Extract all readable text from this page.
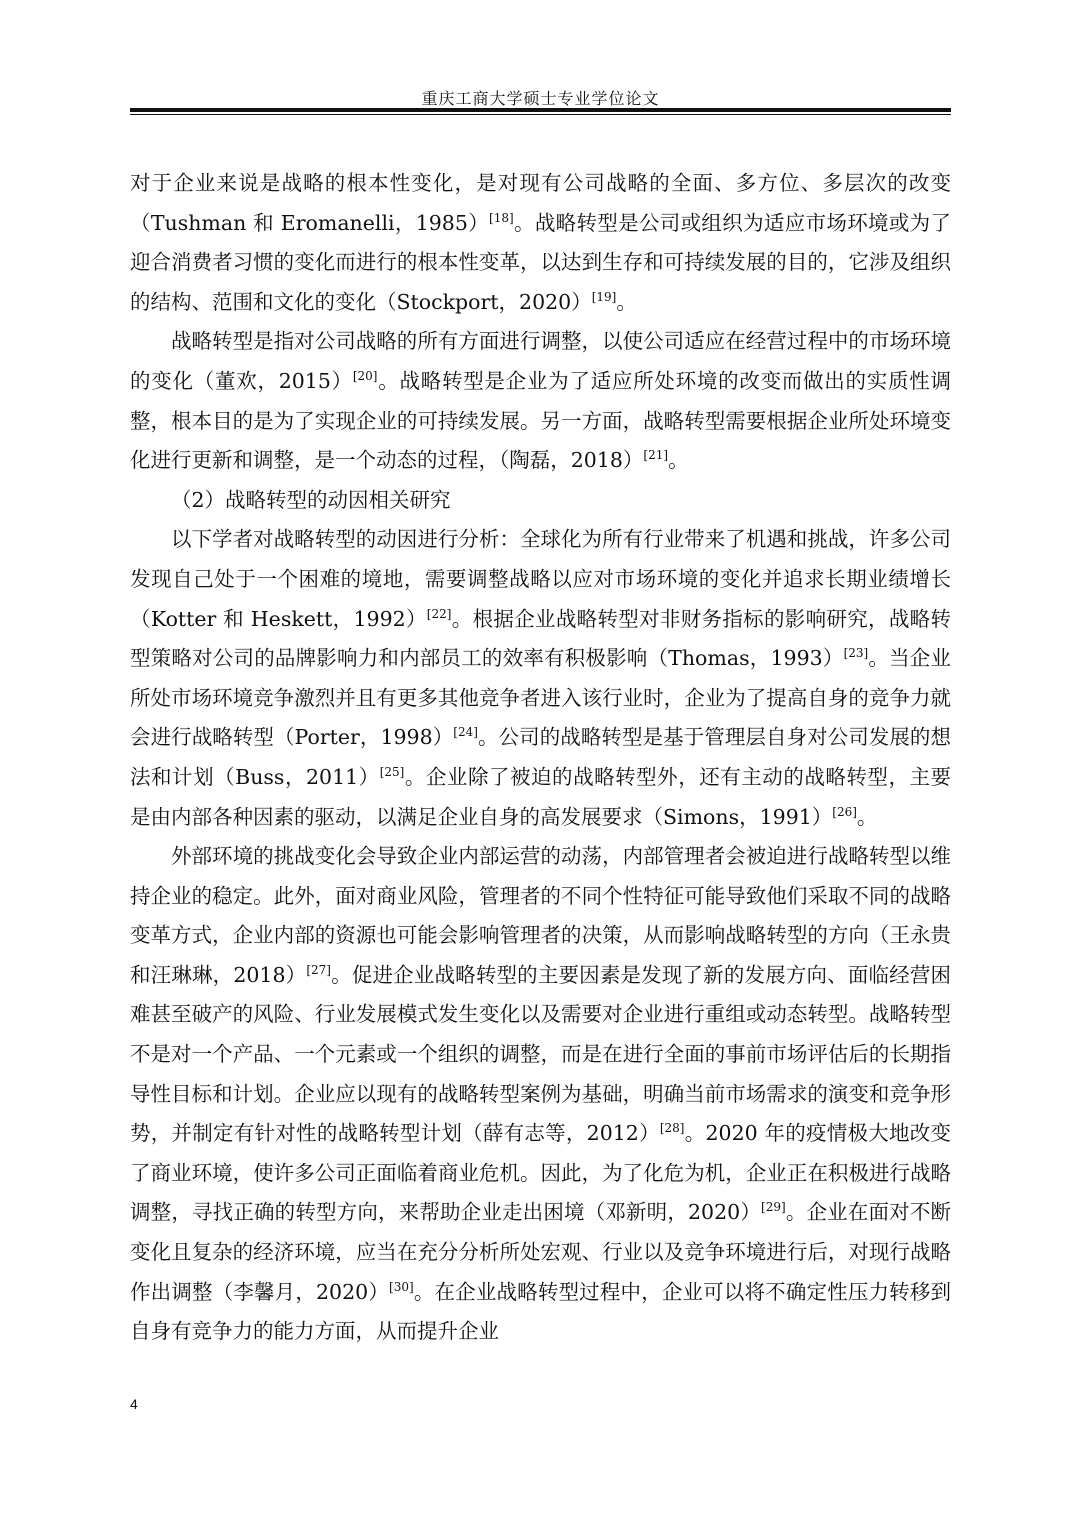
重庆工商大学硕士专业学位论文

对于企业来说是战略的根本性变化，是对现有公司战略的全面、多方位、多层次的改变（Tushman 和 Eromanelli，1985）[18]。战略转型是公司或组织为适应市场环境或为了迎合消费者习惯的变化而进行的根本性变革，以达到生存和可持续发展的目的，它涉及组织的结构、范围和文化的变化（Stockport，2020）[19]。

战略转型是指对公司战略的所有方面进行调整，以使公司适应在经营过程中的市场环境的变化（董欢，2015）[20]。战略转型是企业为了适应所处环境的改变而做出的实质性调整，根本目的是为了实现企业的可持续发展。另一方面，战略转型需要根据企业所处环境变化进行更新和调整，是一个动态的过程，（陶磊，2018）[21]。

（2）战略转型的动因相关研究

以下学者对战略转型的动因进行分析：全球化为所有行业带来了机遇和挑战，许多公司发现自己处于一个困难的境地，需要调整战略以应对市场环境的变化并追求长期业绩增长（Kotter 和 Heskett，1992）[22]。根据企业战略转型对非财务指标的影响研究，战略转型策略对公司的品牌影响力和内部员工的效率有积极影响（Thomas，1993）[23]。当企业所处市场环境竞争激烈并且有更多其他竞争者进入该行业时，企业为了提高自身的竞争力就会进行战略转型（Porter，1998）[24]。公司的战略转型是基于管理层自身对公司发展的想法和计划（Buss，2011）[25]。企业除了被迫的战略转型外，还有主动的战略转型，主要是由内部各种因素的驱动，以满足企业自身的高发展要求（Simons，1991）[26]。

外部环境的挑战变化会导致企业内部运营的动荡，内部管理者会被迫进行战略转型以维持企业的稳定。此外，面对商业风险，管理者的不同个性特征可能导致他们采取不同的战略变革方式，企业内部的资源也可能会影响管理者的决策，从而影响战略转型的方向（王永贵和汪琳琳，2018）[27]。促进企业战略转型的主要因素是发现了新的发展方向、面临经营困难甚至破产的风险、行业发展模式发生变化以及需要对企业进行重组或动态转型。战略转型不是对一个产品、一个元素或一个组织的调整，而是在进行全面的事前市场评估后的长期指导性目标和计划。企业应以现有的战略转型案例为基础，明确当前市场需求的演变和竞争形势，并制定有针对性的战略转型计划（薛有志等，2012）[28]。2020 年的疫情极大地改变了商业环境，使许多公司正面临着商业危机。因此，为了化危为机，企业正在积极进行战略调整，寻找正确的转型方向，来帮助企业走出困境（邓新明，2020）[29]。企业在面对不断变化且复杂的经济环境，应当在充分分析所处宏观、行业以及竞争环境进行后，对现行战略作出调整（李馨月，2020）[30]。在企业战略转型过程中，企业可以将不确定性压力转移到自身有竞争力的能力方面，从而提升企业

4
